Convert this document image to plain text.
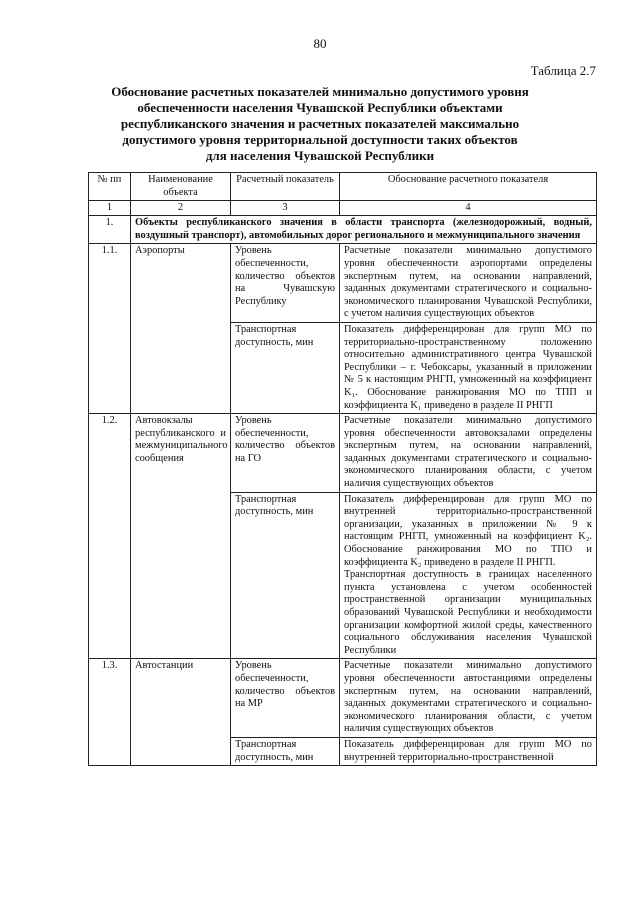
80
Таблица 2.7
Обоснование расчетных показателей минимально допустимого уровня
обеспеченности населения Чувашской Республики объектами
республиканского значения и расчетных показателей максимально
допустимого уровня территориальной доступности таких объектов
для населения Чувашской Республики
№ пп	Наименование объекта	Расчетный показатель	Обоснование расчетного показателя
1	2	3	4
1.	Объекты республиканского значения в области транспорта (железнодорожный, водный, воздушный транспорт), автомобильных дорог регионального и межмуниципального значения		
1.1.	Аэропорты	Уровень обеспеченности, количество объектов на Чувашскую Республику	Расчетные показатели минимально допустимого уровня обеспеченности аэропортами определены экспертным путем, на основании направлений, заданных документами стратегического и социально-экономического планирования Чувашской Республики, с учетом наличия существующих объектов
		Транспортная доступность, мин	Показатель дифференцирован для групп МО по территориально-пространственному положению относительно административного центра Чувашской Республики – г. Чебоксары, указанный в приложении № 5 к настоящим РНГП, умноженный на коэффициент K₁. Обоснование ранжирования МО по ТПП и коэффициента K₁ приведено в разделе II РНГП
1.2.	Автовокзалы республиканского и межмуниципального сообщения	Уровень обеспеченности, количество объектов на ГО	Расчетные показатели минимально допустимого уровня обеспеченности автовокзалами определены экспертным путем, на основании направлений, заданных документами стратегического и социально-экономического планирования области, с учетом наличия существующих объектов
		Транспортная доступность, мин	Показатель дифференцирован для групп МО по внутренней территориально-пространственной организации, указанных в приложении № 9 к настоящим РНГП, умноженный на коэффициент K₂. Обоснование ранжирования МО по ТПО и коэффициента K₂ приведено в разделе II РНГП.
Транспортная доступность в границах населенного пункта установлена с учетом особенностей пространственной организации муниципальных образований Чувашской Республики и необходимости организации комфортной жилой среды, качественного социального обслуживания населения Чувашской Республики

1.3.	Автостанции	Уровень обеспеченности, количество объектов на МР	Расчетные показатели минимально допустимого уровня обеспеченности автостанциями определены экспертным путем, на основании направлений, заданных документами стратегического и социально-экономического планирования области, с учетом наличия существующих объектов
		Транспортная доступность, мин	Показатель дифференцирован для групп МО по внутренней территориально-пространственной
